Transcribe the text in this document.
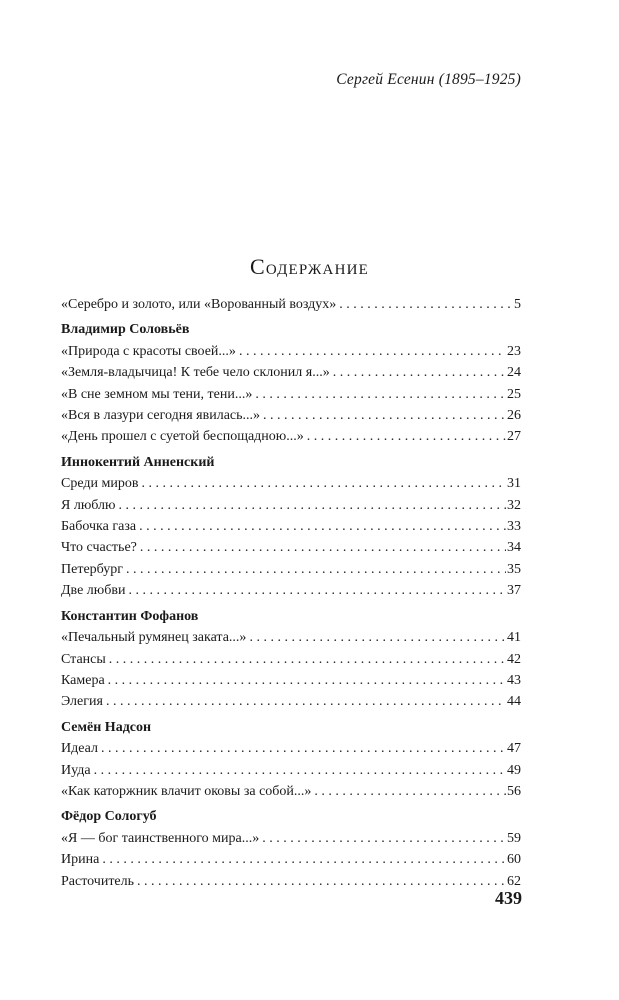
Сергей Есенин (1895–1925)
Содержание
«Серебро и золото, или «Ворованный воздух» . . .	5
Владимир Соловьёв
«Природа с красоты своей...» . . .	23
«Земля-владычица! К тебе чело склонил я...» . . .	24
«В сне земном мы тени, тени...» . . .	25
«Вся в лазури сегодня явилась...» . . .	26
«День прошел с суетой беспощадною...» . . .	27
Иннокентий Анненский
Среди миров . . .	31
Я люблю . . .	32
Бабочка газа . . .	33
Что счастье? . . .	34
Петербург . . .	35
Две любви . . .	37
Константин Фофанов
«Печальный румянец заката...» . . .	41
Стансы . . .	42
Камера . . .	43
Элегия . . .	44
Семён Надсон
Идеал . . .	47
Иуда . . .	49
«Как каторжник влачит оковы за собой...» . . .	56
Фёдор Сологуб
«Я — бог таинственного мира...» . . .	59
Ирина . . .	60
Расточитель . . .	62
439
